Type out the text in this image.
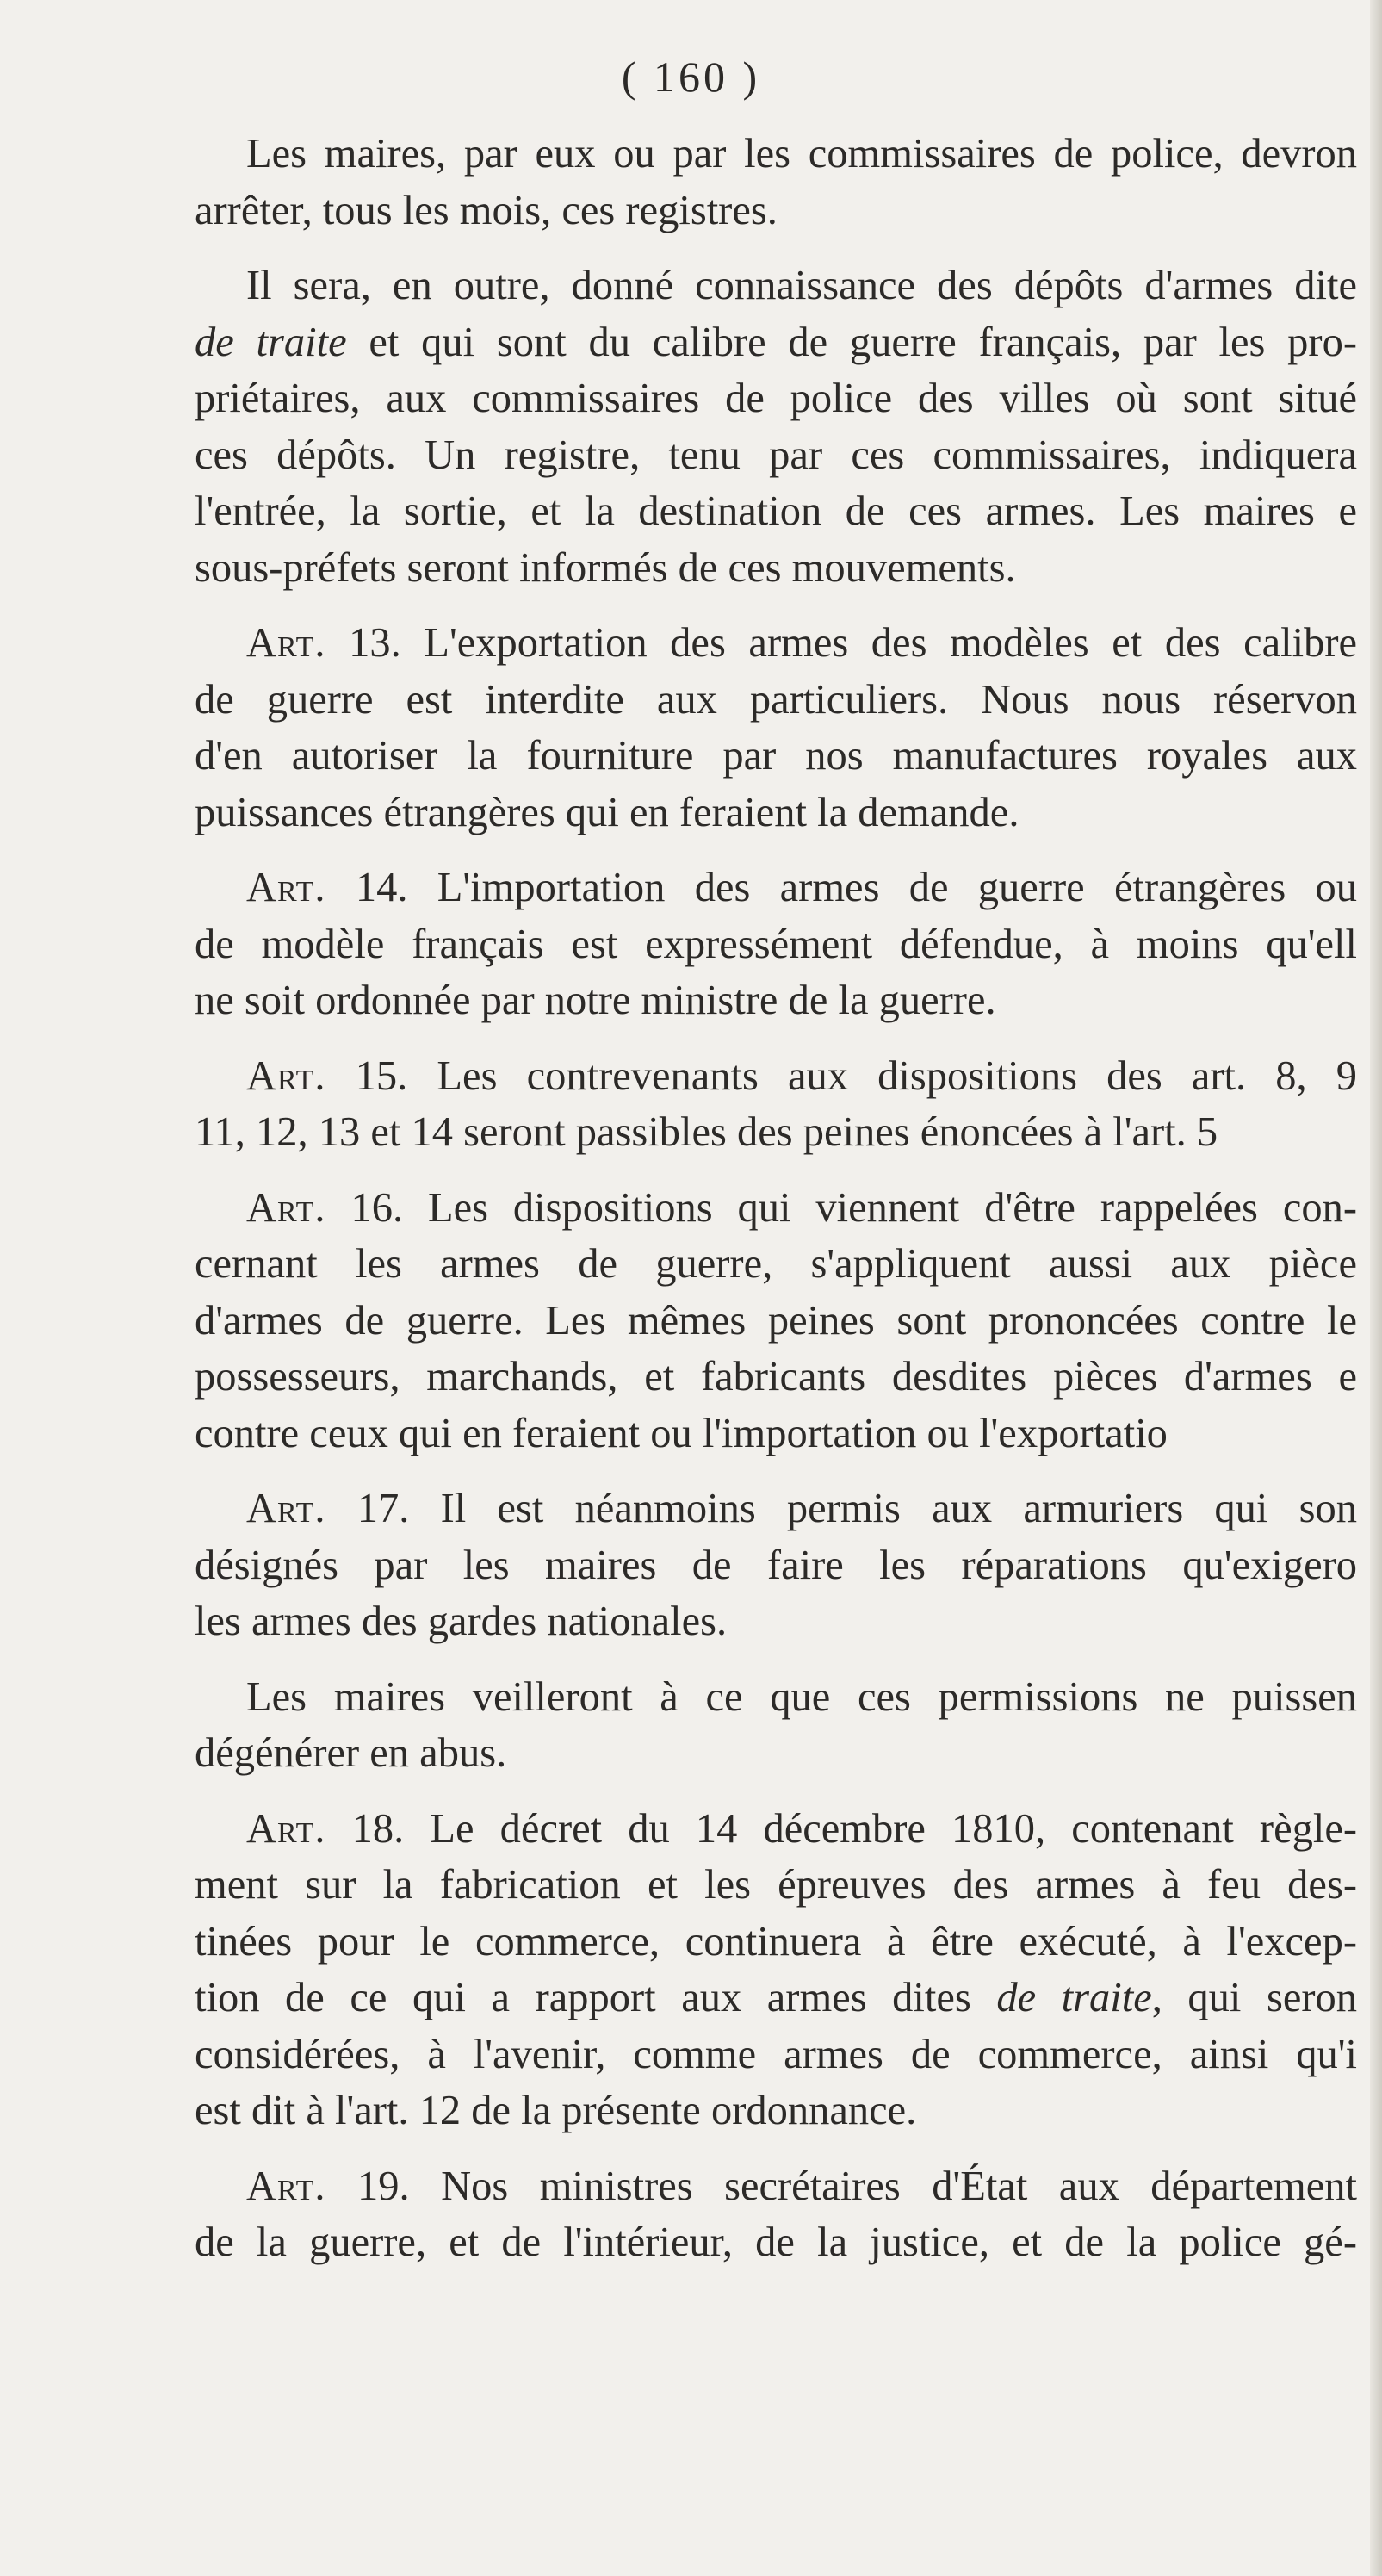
( 160 )
Les maires, par eux ou par les commissaires de police, devron
arrêter, tous les mois, ces registres.
Il sera, en outre, donné connaissance des dépôts d'armes dite
de traite et qui sont du calibre de guerre français, par les pro-
priétaires, aux commissaires de police des villes où sont situé
ces dépôts. Un registre, tenu par ces commissaires, indiquera
l'entrée, la sortie, et la destination de ces armes. Les maires e
sous-préfets seront informés de ces mouvements.
Art. 13. L'exportation des armes des modèles et des calibre
de guerre est interdite aux particuliers. Nous nous réservon
d'en autoriser la fourniture par nos manufactures royales aux
puissances étrangères qui en feraient la demande.
Art. 14. L'importation des armes de guerre étrangères ou
de modèle français est expressément défendue, à moins qu'ell
ne soit ordonnée par notre ministre de la guerre.
Art. 15. Les contrevenants aux dispositions des art. 8, 9
11, 12, 13 et 14 seront passibles des peines énoncées à l'art. 5
Art. 16. Les dispositions qui viennent d'être rappelées con-
cernant les armes de guerre, s'appliquent aussi aux pièce
d'armes de guerre. Les mêmes peines sont prononcées contre le
possesseurs, marchands, et fabricants desdites pièces d'armes e
contre ceux qui en feraient ou l'importation ou l'exportatio
Art. 17. Il est néanmoins permis aux armuriers qui son
désignés par les maires de faire les réparations qu'exigero
les armes des gardes nationales.
Les maires veilleront à ce que ces permissions ne puissen
dégénérer en abus.
Art. 18. Le décret du 14 décembre 1810, contenant règle-
ment sur la fabrication et les épreuves des armes à feu des-
tinées pour le commerce, continuera à être exécuté, à l'excep-
tion de ce qui a rapport aux armes dites de traite, qui seron
considérées, à l'avenir, comme armes de commerce, ainsi qu'i
est dit à l'art. 12 de la présente ordonnance.
Art. 19. Nos ministres secrétaires d'État aux département
de la guerre, et de l'intérieur, de la justice, et de la police gé-
